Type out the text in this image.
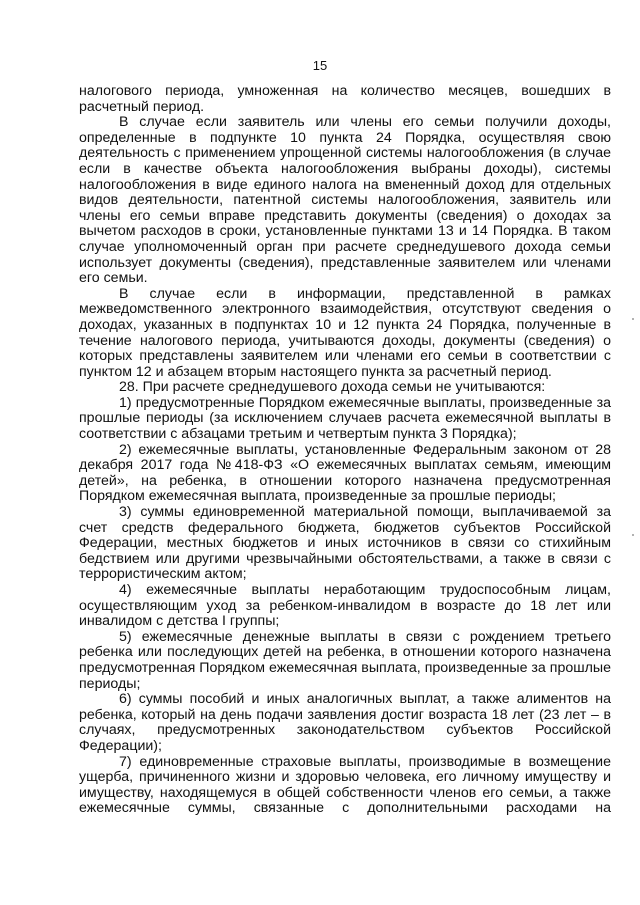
15

налогового периода, умноженная на количество месяцев, вошедших в расчетный период.

В случае если заявитель или члены его семьи получили доходы, определенные в подпункте 10 пункта 24 Порядка, осуществляя свою деятельность с применением упрощенной системы налогообложения (в случае если в качестве объекта налогообложения выбраны доходы), системы налогообложения в виде единого налога на вмененный доход для отдельных видов деятельности, патентной системы налогообложения, заявитель или члены его семьи вправе представить документы (сведения) о доходах за вычетом расходов в сроки, установленные пунктами 13 и 14 Порядка. В таком случае уполномоченный орган при расчете среднедушевого дохода семьи использует документы (сведения), представленные заявителем или членами его семьи.

В случае если в информации, представленной в рамках межведомственного электронного взаимодействия, отсутствуют сведения о доходах, указанных в подпунктах 10 и 12 пункта 24 Порядка, полученные в течение налогового периода, учитываются доходы, документы (сведения) о которых представлены заявителем или членами его семьи в соответствии с пунктом 12 и абзацем вторым настоящего пункта за расчетный период.

28. При расчете среднедушевого дохода семьи не учитываются:

1) предусмотренные Порядком ежемесячные выплаты, произведенные за прошлые периоды (за исключением случаев расчета ежемесячной выплаты в соответствии с абзацами третьим и четвертым пункта 3 Порядка);

2) ежемесячные выплаты, установленные Федеральным законом от 28 декабря 2017 года №418-ФЗ «О ежемесячных выплатах семьям, имеющим детей», на ребенка, в отношении которого назначена предусмотренная Порядком ежемесячная выплата, произведенные за прошлые периоды;

3) суммы единовременной материальной помощи, выплачиваемой за счет средств федерального бюджета, бюджетов субъектов Российской Федерации, местных бюджетов и иных источников в связи со стихийным бедствием или другими чрезвычайными обстоятельствами, а также в связи с террористическим актом;

4) ежемесячные выплаты неработающим трудоспособным лицам, осуществляющим уход за ребенком-инвалидом в возрасте до 18 лет или инвалидом с детства I группы;

5) ежемесячные денежные выплаты в связи с рождением третьего ребенка или последующих детей на ребенка, в отношении которого назначена предусмотренная Порядком ежемесячная выплата, произведенные за прошлые периоды;

6) суммы пособий и иных аналогичных выплат, а также алиментов на ребенка, который на день подачи заявления достиг возраста 18 лет (23 лет – в случаях, предусмотренных законодательством субъектов Российской Федерации);

7) единовременные страховые выплаты, производимые в возмещение ущерба, причиненного жизни и здоровью человека, его личному имуществу и имуществу, находящемуся в общей собственности членов его семьи, а также ежемесячные суммы, связанные с дополнительными расходами на
